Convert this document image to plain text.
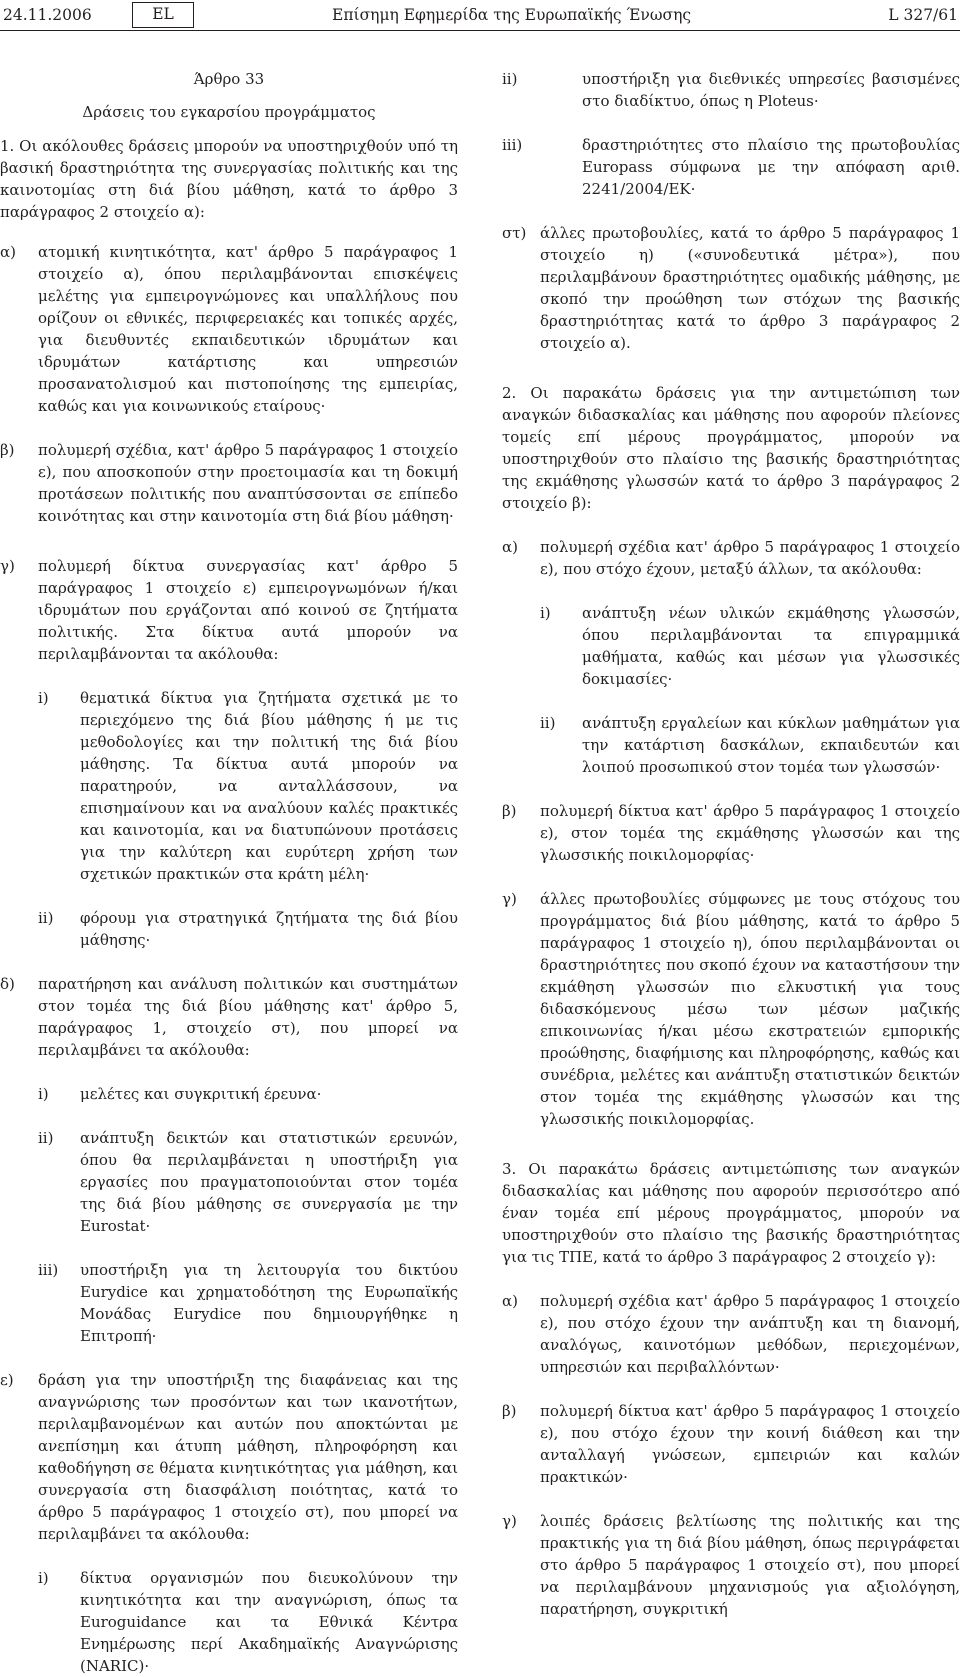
24.11.2006	EL	Επίσημη Εφημερίδα της Ευρωπαϊκής Ένωσης	L 327/61
Άρθρο 33
Δράσεις του εγκαρσίου προγράμματος

1. Οι ακόλουθες δράσεις μπορούν να υποστηριχθούν υπό τη βασική δραστηριότητα της συνεργασίας πολιτικής και της καινοτομίας στη διά βίου μάθηση, κατά το άρθρο 3 παράγραφος 2 στοιχείο α):

α) ατομική κινητικότητα, κατ' άρθρο 5 παράγραφος 1 στοιχείο α), όπου περιλαμβάνονται επισκέψεις μελέτης για εμπειρογνώμονες και υπαλλήλους που ορίζουν οι εθνικές, περιφερειακές και τοπικές αρχές, για διευθυντές εκπαιδευτικών ιδρυμάτων και ιδρυμάτων κατάρτισης και υπηρεσιών προσανατολισμού και πιστοποίησης της εμπειρίας, καθώς και για κοινωνικούς εταίρους·
β) πολυμερή σχέδια, κατ' άρθρο 5 παράγραφος 1 στοιχείο ε), που αποσκοπούν στην προετοιμασία και τη δοκιμή προτάσεων πολιτικής που αναπτύσσονται σε επίπεδο κοινότητας και στην καινοτομία στη διά βίου μάθηση·
γ) πολυμερή δίκτυα συνεργασίας κατ' άρθρο 5 παράγραφος 1 στοιχείο ε) εμπειρογνωμόνων ή/και ιδρυμάτων που εργάζονται από κοινού σε ζητήματα πολιτικής. Στα δίκτυα αυτά μπορούν να περιλαμβάνονται τα ακόλουθα:
i) θεματικά δίκτυα για ζητήματα σχετικά με το περιεχόμενο της διά βίου μάθησης ή με τις μεθοδολογίες και την πολιτική της διά βίου μάθησης. Τα δίκτυα αυτά μπορούν να παρατηρούν, να ανταλλάσσουν, να επισημαίνουν και να αναλύουν καλές πρακτικές και καινοτομία, και να διατυπώνουν προτάσεις για την καλύτερη και ευρύτερη χρήση των σχετικών πρακτικών στα κράτη μέλη·
ii) φόρουμ για στρατηγικά ζητήματα της διά βίου μάθησης·
δ) παρατήρηση και ανάλυση πολιτικών και συστημάτων στον τομέα της διά βίου μάθησης κατ' άρθρο 5, παράγραφος 1, στοιχείο στ), που μπορεί να περιλαμβάνει τα ακόλουθα:
i) μελέτες και συγκριτική έρευνα·
ii) ανάπτυξη δεικτών και στατιστικών ερευνών, όπου θα περιλαμβάνεται η υποστήριξη για εργασίες που πραγματοποιούνται στον τομέα της διά βίου μάθησης σε συνεργασία με την Eurostat·
iii) υποστήριξη για τη λειτουργία του δικτύου Eurydice και χρηματοδότηση της Ευρωπαϊκής Μονάδας Eurydice που δημιουργήθηκε η Επιτροπή·
ε) δράση για την υποστήριξη της διαφάνειας και της αναγνώρισης των προσόντων και των ικανοτήτων, περιλαμβανομένων και αυτών που αποκτώνται με ανεπίσημη και άτυπη μάθηση, πληροφόρηση και καθοδήγηση σε θέματα κινητικότητας για μάθηση, και συνεργασία στη διασφάλιση ποιότητας, κατά το άρθρο 5 παράγραφος 1 στοιχείο στ), που μπορεί να περιλαμβάνει τα ακόλουθα:
i) δίκτυα οργανισμών που διευκολύνουν την κινητικότητα και την αναγνώριση, όπως τα Euroguidance και τα Εθνικά Κέντρα Ενημέρωσης περί Ακαδημαϊκής Αναγνώρισης (NARIC)·
ii)	υποστήριξη για διεθνικές υπηρεσίες βασισμένες στο διαδίκτυο, όπως η Ploteus·
iii)	δραστηριότητες στο πλαίσιο της πρωτοβουλίας Europass σύμφωνα με την απόφαση αριθ. 2241/2004/ΕΚ·
στ) άλλες πρωτοβουλίες, κατά το άρθρο 5 παράγραφος 1 στοιχείο η) («συνοδευτικά μέτρα»), που περιλαμβάνουν δραστηριότητες ομαδικής μάθησης, με σκοπό την προώθηση των στόχων της βασικής δραστηριότητας κατά το άρθρο 3 παράγραφος 2 στοιχείο α).

2. Οι παρακάτω δράσεις για την αντιμετώπιση των αναγκών διδασκαλίας και μάθησης που αφορούν πλείονες τομείς επί μέρους προγράμματος, μπορούν να υποστηριχθούν στο πλαίσιο της βασικής δραστηριότητας της εκμάθησης γλωσσών κατά το άρθρο 3 παράγραφος 2 στοιχείο β):

α) πολυμερή σχέδια κατ' άρθρο 5 παράγραφος 1 στοιχείο ε), που στόχο έχουν, μεταξύ άλλων, τα ακόλουθα:
i) ανάπτυξη νέων υλικών εκμάθησης γλωσσών, όπου περιλαμβάνονται τα επιγραμμικά μαθήματα, καθώς και μέσων για γλωσσικές δοκιμασίες·
ii) ανάπτυξη εργαλείων και κύκλων μαθημάτων για την κατάρτιση δασκάλων, εκπαιδευτών και λοιπού προσωπικού στον τομέα των γλωσσών·
β) πολυμερή δίκτυα κατ' άρθρο 5 παράγραφος 1 στοιχείο ε), στον τομέα της εκμάθησης γλωσσών και της γλωσσικής ποικιλομορφίας·
γ) άλλες πρωτοβουλίες σύμφωνες με τους στόχους του προγράμματος διά βίου μάθησης, κατά το άρθρο 5 παράγραφος 1 στοιχείο η), όπου περιλαμβάνονται οι δραστηριότητες που σκοπό έχουν να καταστήσουν την εκμάθηση γλωσσών πιο ελκυστική για τους διδασκόμενους μέσω των μέσων μαζικής επικοινωνίας ή/και μέσω εκστρατειών εμπορικής προώθησης, διαφήμισης και πληροφόρησης, καθώς και συνέδρια, μελέτες και ανάπτυξη στατιστικών δεικτών στον τομέα της εκμάθησης γλωσσών και της γλωσσικής ποικιλομορφίας.

3. Οι παρακάτω δράσεις αντιμετώπισης των αναγκών διδασκαλίας και μάθησης που αφορούν περισσότερο από έναν τομέα επί μέρους προγράμματος, μπορούν να υποστηριχθούν στο πλαίσιο της βασικής δραστηριότητας για τις ΤΠΕ, κατά το άρθρο 3 παράγραφος 2 στοιχείο γ):

α) πολυμερή σχέδια κατ' άρθρο 5 παράγραφος 1 στοιχείο ε), που στόχο έχουν την ανάπτυξη και τη διανομή, αναλόγως, καινοτόμων μεθόδων, περιεχομένων, υπηρεσιών και περιβαλλόντων·
β) πολυμερή δίκτυα κατ' άρθρο 5 παράγραφος 1 στοιχείο ε), που στόχο έχουν την κοινή διάθεση και την ανταλλαγή γνώσεων, εμπειριών και καλών πρακτικών·
γ) λοιπές δράσεις βελτίωσης της πολιτικής και της πρακτικής για τη διά βίου μάθηση, όπως περιγράφεται στο άρθρο 5 παράγραφος 1 στοιχείο στ), που μπορεί να περιλαμβάνουν μηχανισμούς για αξιολόγηση, παρατήρηση, συγκριτική
